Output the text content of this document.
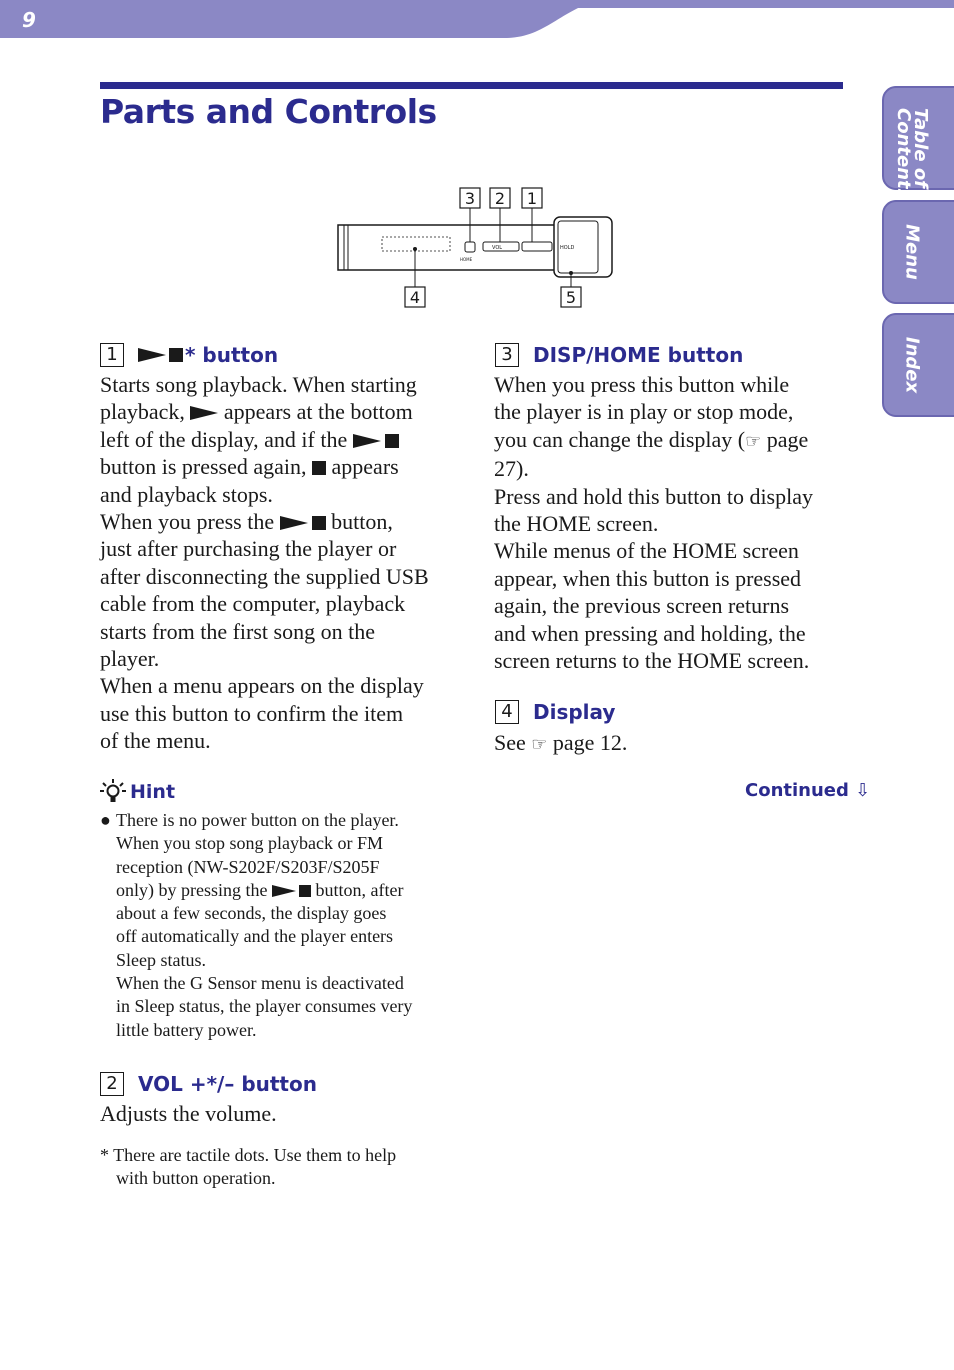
9
Parts and Controls	Table of
Contents
Menu
Index
3 2 1
4	5
VOL	HOLD
HOME
1	* button
Starts song playback. When starting
playback,  appears at the bottom
left of the display, and if the
button is pressed again,  appears
and playback stops.
When you press the  button,
just after purchasing the player or
after disconnecting the supplied USB
cable from the computer, playback
starts from the first song on the
player.
When a menu appears on the display
use this button to confirm the item
of the menu.
Hint
● There is no power button on the player.
When you stop song playback or FM
reception (NW-S202F/S203F/S205F
only) by pressing the  button, after
about a few seconds, the display goes
off automatically and the player enters
Sleep status.
When the G Sensor menu is deactivated
in Sleep status, the player consumes very
little battery power.
2	VOL +*/– button
Adjusts the volume.
* There are tactile dots. Use them to help
with button operation.
3	DISP/HOME button
When you press this button while
the player is in play or stop mode,
you can change the display (☞ page
27).
Press and hold this button to display
the HOME screen.
While menus of the HOME screen
appear, when this button is pressed
again, the previous screen returns
and when pressing and holding, the
screen returns to the HOME screen.
4	Display
See ☞ page 12.
Continued ⇩
